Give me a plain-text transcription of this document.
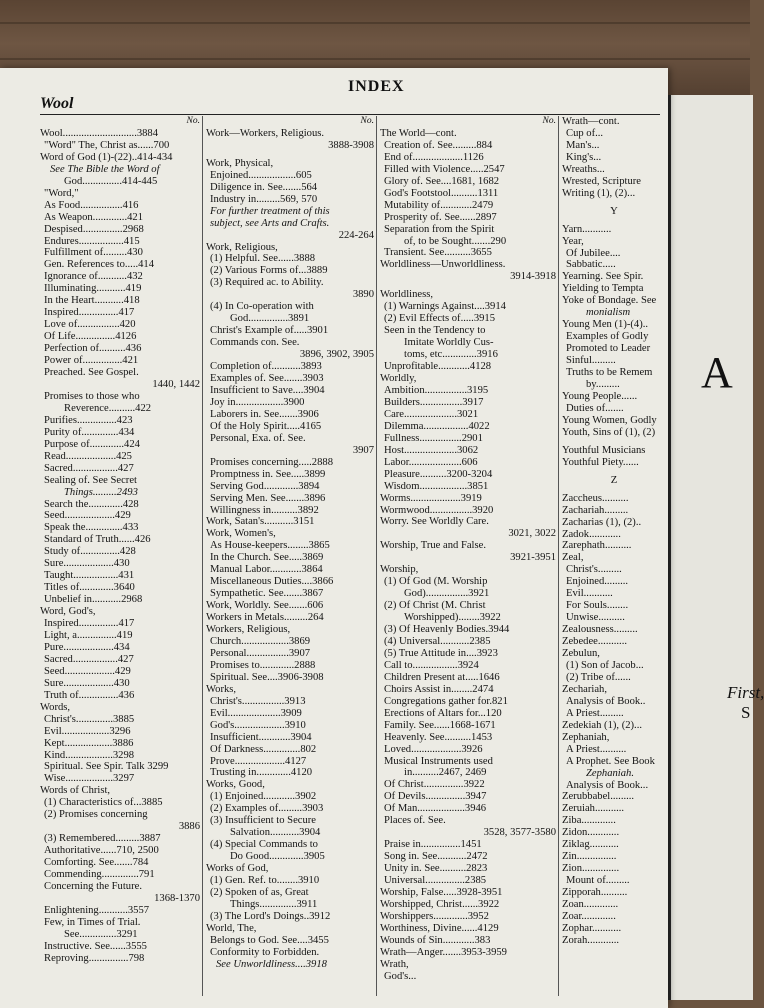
A
First,
S
INDEX
Wool
No.
Wool............................3884
"Word" The, Christ as......700
Word of God (1)-(22)..414-434
See The Bible the Word of
God...............414-445
"Word,"
As Food................416
As Weapon.............421
Despised...............2968
Endures.................415
Fulfillment of.........430
Gen. References to.....414
Ignorance of...........432
Illuminating...........419
In the Heart...........418
Inspired...............417
Love of................420
Of Life...............4126
Perfection of..........436
Power of...............421
Preached. See Gospel.
1440, 1442
Promises to those who
Reverence..........422
Purifies...............423
Purity of..............434
Purpose of.............424
Read...................425
Sacred.................427
Sealing of. See Secret
Things.........2493
Search the.............428
Seed...................429
Speak the..............433
Standard of Truth......426
Study of...............428
Sure...................430
Taught.................431
Titles of.............3640
Unbelief in...........2968
Word, God's,
Inspired...............417
Light, a...............419
Pure...................434
Sacred.................427
Seed...................429
Sure...................430
Truth of...............436
Words,
Christ's..............3885
Evil..................3296
Kept..................3886
Kind..................3298
Spiritual. See Spir. Talk 3299
Wise..................3297
Words of Christ,
(1) Characteristics of...3885
(2) Promises concerning
3886
(3) Remembered.........3887
Authoritative......710, 2500
Comforting. See.......784
Commending..............791
Concerning the Future.
1368-1370
Enlightening...........3557
Few, in Times of Trial.
See..............3291
Instructive. See......3555
Reproving...............798
No.
Work—Workers, Religious.
3888-3908
Work, Physical,
Enjoined..................605
Diligence in. See.......564
Industry in.........569, 570
For further treatment of this
subject, see Arts and Crafts.
224-264
Work, Religious,
(1) Helpful. See......3888
(2) Various Forms of...3889
(3) Required ac. to Ability.
3890
(4) In Co-operation with
God...............3891
Christ's Example of.....3901
Commands con. See.
3896, 3902, 3905
Completion of...........3893
Examples of. See.......3903
Insufficient to Save....3904
Joy in..................3900
Laborers in. See.......3906
Of the Holy Spirit.....4165
Personal, Exa. of. See.
3907
Promises concerning.....2888
Promptness in. See.....3899
Serving God.............3894
Serving Men. See.......3896
Willingness in..........3892
Work, Satan's...........3151
Work, Women's,
As House-keepers........3865
In the Church. See.....3869
Manual Labor............3864
Miscellaneous Duties....3866
Sympathetic. See.......3867
Work, Worldly. See.......606
Workers in Metals.........264
Workers, Religious,
Church..................3869
Personal................3907
Promises to.............2888
Spiritual. See....3906-3908
Works,
Christ's................3913
Evil....................3909
God's...................3910
Insufficient............3904
Of Darkness..............802
Prove...................4127
Trusting in.............4120
Works, Good,
(1) Enjoined............3902
(2) Examples of.........3903
(3) Insufficient to Secure
Salvation...........3904
(4) Special Commands to
Do Good.............3905
Works of God,
(1) Gen. Ref. to........3910
(2) Spoken of as, Great
Things..............3911
(3) The Lord's Doings..3912
World, The,
Belongs to God. See....3455
Conformity to Forbidden.
See Unworldliness....3918
No.
The World—cont.
Creation of. See.........884
End of...................1126
Filled with Violence.....2547
Glory of. See....1681, 1682
God's Footstool..........1311
Mutability of............2479
Prosperity of. See......2897
Separation from the Spirit
of, to be Sought.......290
Transient. See..........3655
Worldliness—Unworldliness.
3914-3918
Worldliness,
(1) Warnings Against....3914
(2) Evil Effects of.....3915
Seen in the Tendency to
Imitate Worldly Cus-
toms, etc.............3916
Unprofitable............4128
Worldly,
Ambition................3195
Builders................3917
Care....................3021
Dilemma.................4022
Fullness................2901
Host....................3062
Labor....................606
Pleasure..........3200-3204
Wisdom..................3851
Worms...................3919
Wormwood................3920
Worry. See Worldly Care.
3021, 3022
Worship, True and False.
3921-3951
Worship,
(1) Of God (M. Worship
God)................3921
(2) Of Christ (M. Christ
Worshipped)........3922
(3) Of Heavenly Bodies.3944
(4) Universal...........2385
(5) True Attitude in....3923
Call to.................3924
Children Present at.....1646
Choirs Assist in........2474
Congregations gather for.821
Erections of Altars for...120
Family. See......1668-1671
Heavenly. See..........1453
Loved...................3926
Musical Instruments used
in..........2467, 2469
Of Christ...............3922
Of Devils...............3947
Of Man..................3946
Places of. See.
3528, 3577-3580
Praise in...............1451
Song in. See...........2472
Unity in. See..........2823
Universal...............2385
Worship, False.....3928-3951
Worshipped, Christ......3922
Worshippers.............3952
Worthiness, Divine......4129
Wounds of Sin............383
Wrath—Anger.......3953-3959
Wrath,
God's...
Wrath—cont.
Cup of...
Man's...
King's...
Wreaths...
Wrested, Scripture
Writing (1), (2)...
Y
Yarn...........
Year,
Of Jubilee....
Sabbatic.....
Yearning. See Spir.
Yielding to Tempta
Yoke of Bondage. See
monialism
Young Men (1)-(4)..
Examples of Godly
Promoted to Leader
Sinful.........
Truths to be Remem
by.........
Young People......
Duties of.......
Young Women, Godly
Youth, Sins of (1), (2)
Youthful Musicians
Youthful Piety......
Z
Zaccheus..........
Zachariah.........
Zacharias (1), (2)..
Zadok............
Zarephath..........
Zeal,
Christ's.........
Enjoined.........
Evil...........
For Souls........
Unwise..........
Zealousness.........
Zebedee...........
Zebulun,
(1) Son of Jacob...
(2) Tribe of......
Zechariah,
Analysis of Book..
A Priest.........
Zedekiah (1), (2)...
Zephaniah,
A Priest..........
A Prophet. See Book
Zephaniah.
Analysis of Book...
Zerubbabel.........
Zeruiah...........
Ziba.............
Zidon............
Ziklag...........
Zin...............
Zion..............
Mount of.........
Zipporah..........
Zoan.............
Zoar.............
Zophar...........
Zorah............
